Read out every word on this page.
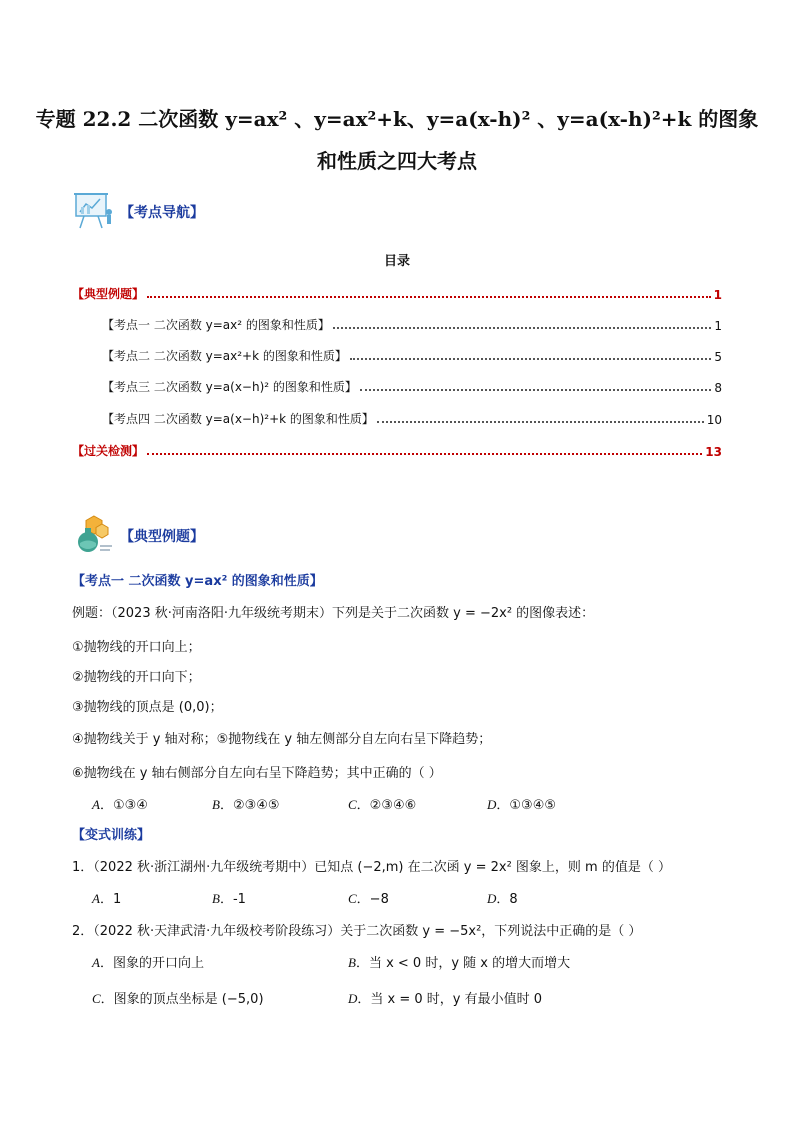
专题 22.2 二次函数 y=ax² 、y=ax²+k、y=a(x-h)² 、y=a(x-h)²+k 的图象
和性质之四大考点
【考点导航】
目录
【典型例题】	1
【考点一 二次函数 y=ax² 的图象和性质】	1
【考点二 二次函数 y=ax²+k 的图象和性质】	5
【考点三 二次函数 y=a(x−h)² 的图象和性质】	8
【考点四 二次函数 y=a(x−h)²+k 的图象和性质】	10
【过关检测】	13
【典型例题】
【考点一 二次函数 y=ax² 的图象和性质】
例题：（2023 秋·河南洛阳·九年级统考期末）下列是关于二次函数 y = −2x² 的图像表述：
①抛物线的开口向上；
②抛物线的开口向下；
③抛物线的顶点是 (0,0)；
④抛物线关于 y 轴对称；⑤抛物线在 y 轴左侧部分自左向右呈下降趋势；
⑥抛物线在 y 轴右侧部分自左向右呈下降趋势；其中正确的（ ）
A．①③④	B．②③④⑤	C．②③④⑥	D．①③④⑤
【变式训练】
1．（2022 秋·浙江湖州·九年级统考期中）已知点 (−2,m) 在二次函 y = 2x² 图象上，则 m 的值是（ ）
A．1	B．-1	C．−8	D．8
2．（2022 秋·天津武清·九年级校考阶段练习）关于二次函数 y = −5x²，下列说法中正确的是（ ）
A．图象的开口向上	B．当 x < 0 时，y 随 x 的增大而增大
C．图象的顶点坐标是 (−5,0)	D．当 x = 0 时，y 有最小值时 0
